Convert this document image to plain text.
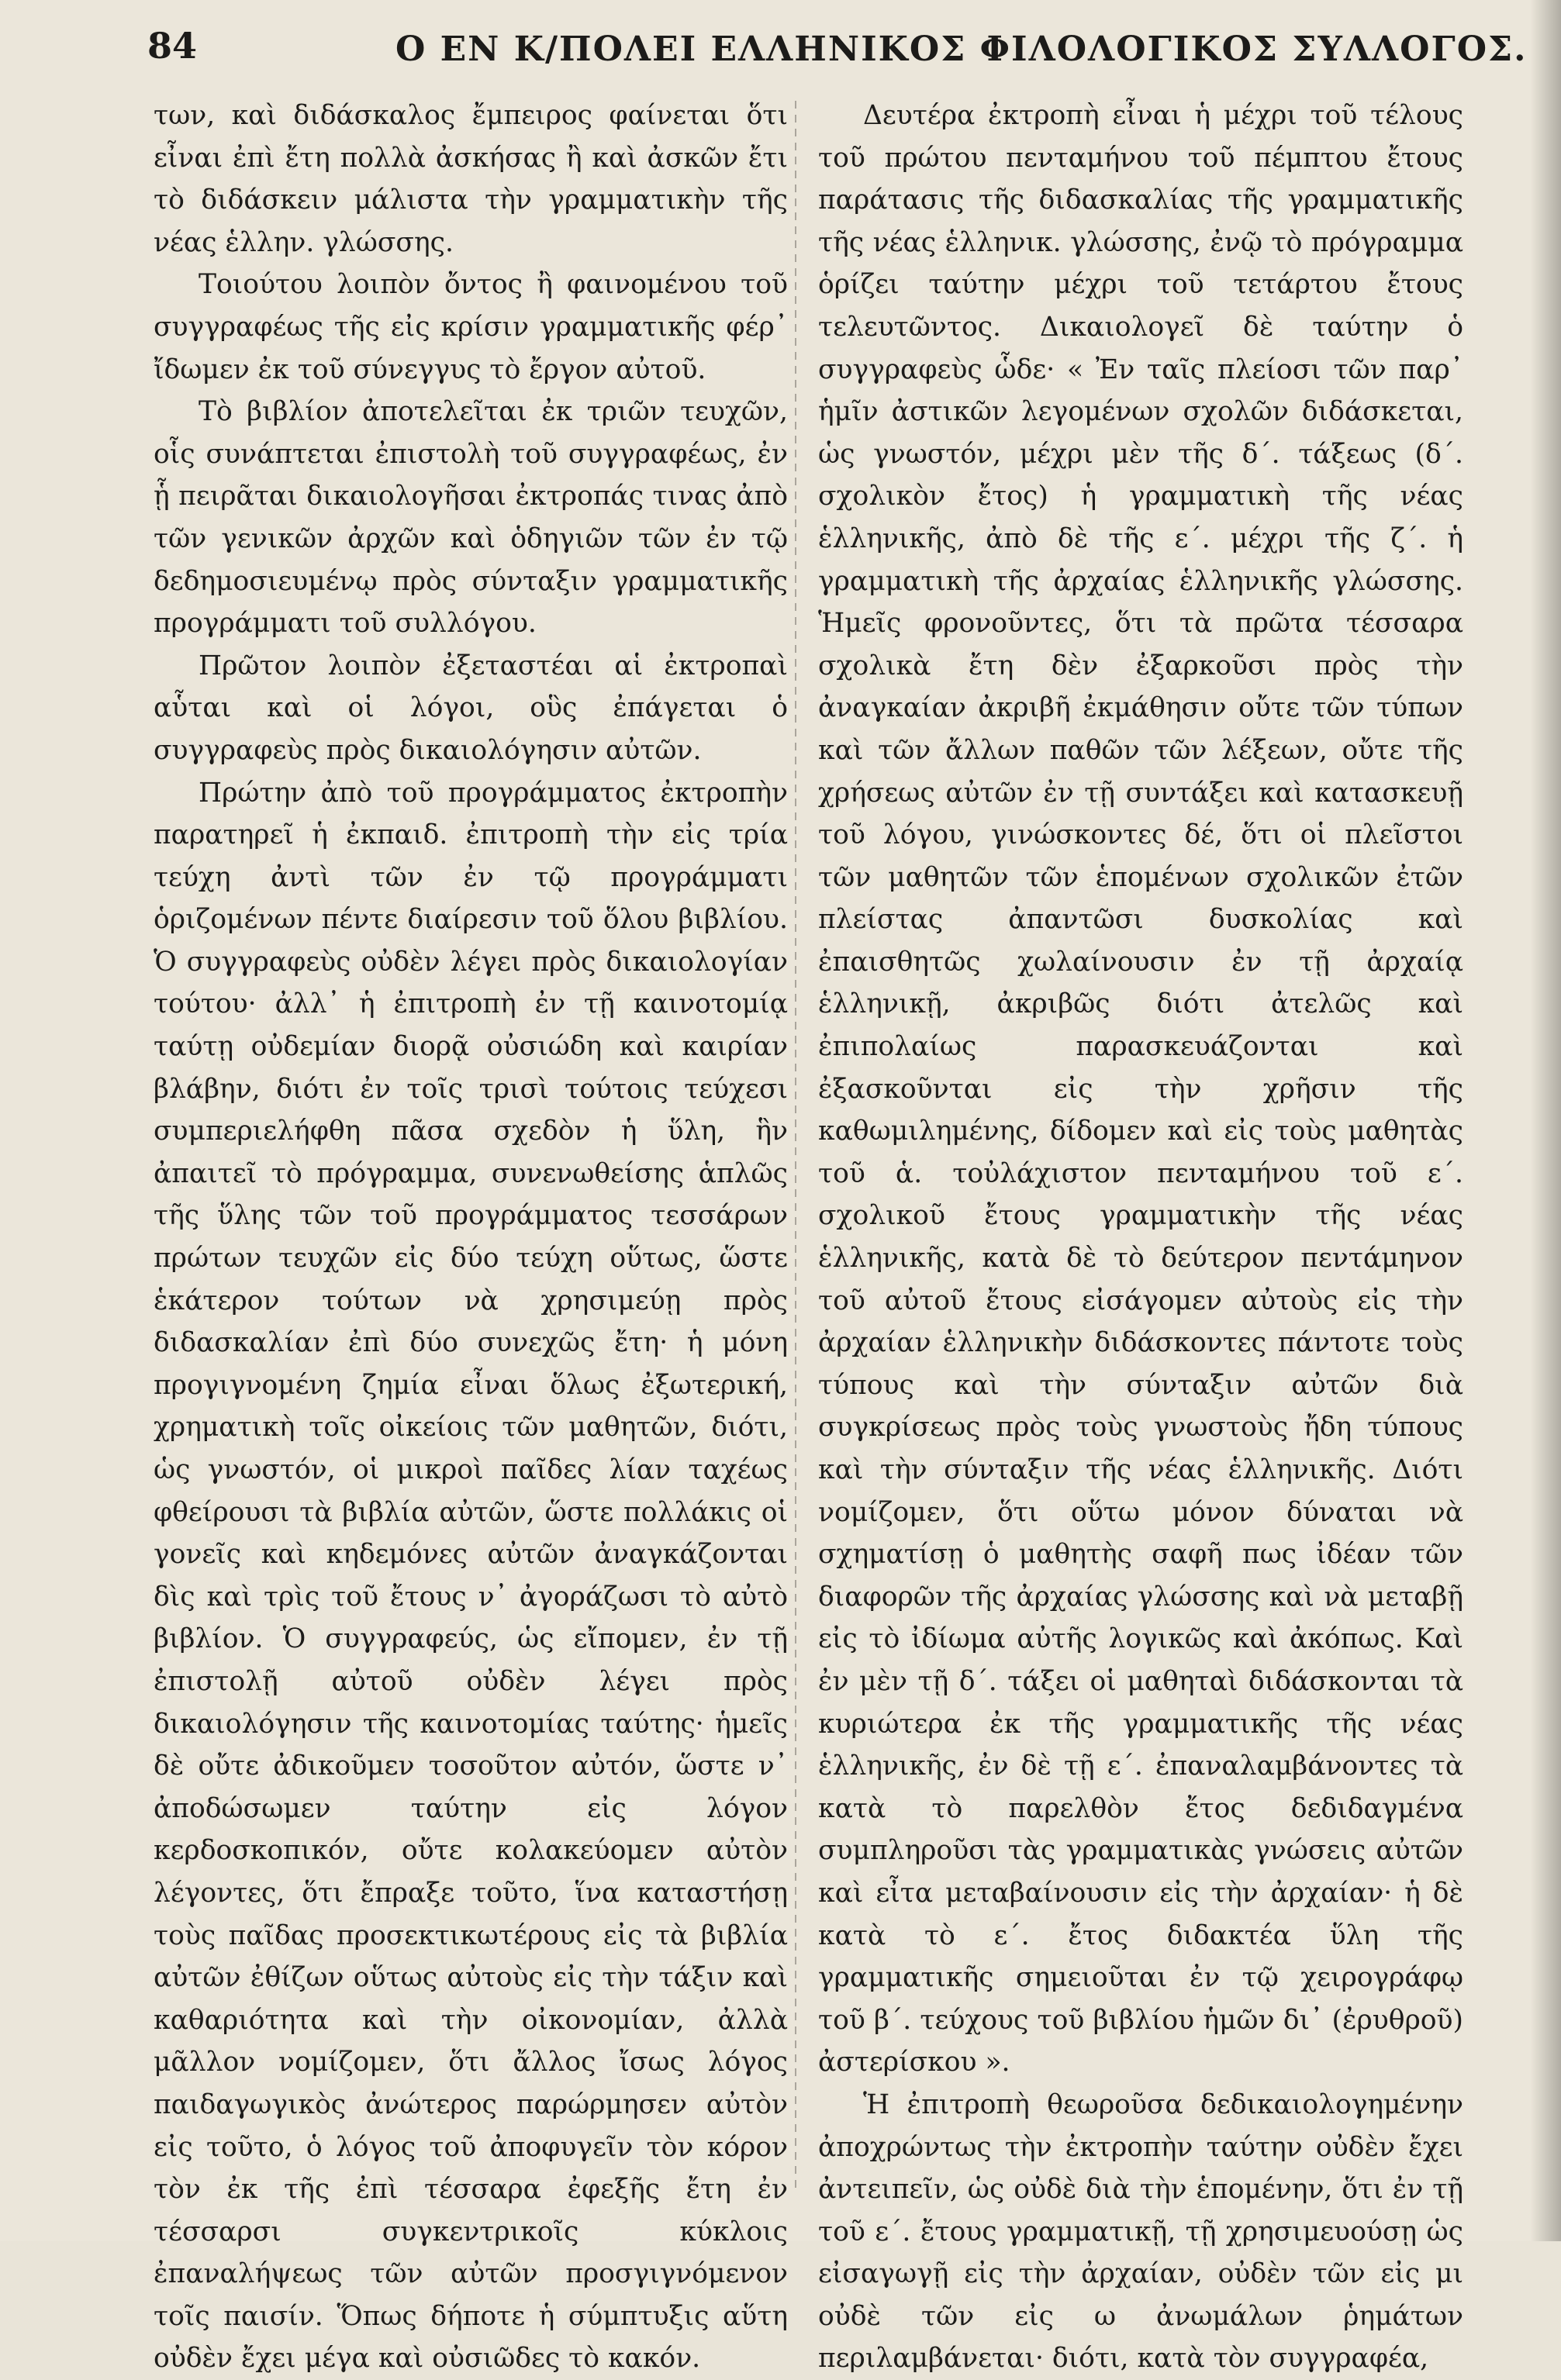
84	Ο ΕΝ Κ/ΠΟΛΕΙ ΕΛΛΗΝΙΚΟΣ ΦΙΛΟΛΟΓΙΚΟΣ ΣΥΛΛΟΓΟΣ.

των, καὶ διδάσκαλος ἔμπειρος φαίνεται ὅτι εἶναι ἐπὶ ἔτη πολλὰ ἀσκήσας ἢ καὶ ἀσκῶν ἔτι τὸ διδάσκειν μάλιστα τὴν γραμματικὴν τῆς νέας ἑλλην. γλώσσης.

Τοιούτου λοιπὸν ὄντος ἢ φαινομένου τοῦ συγγραφέως τῆς εἰς κρίσιν γραμματικῆς φέρ᾽ ἴδωμεν ἐκ τοῦ σύνεγγυς τὸ ἔργον αὐτοῦ.

Τὸ βιβλίον ἀποτελεῖται ἐκ τριῶν τευχῶν, οἷς συνάπτεται ἐπιστολὴ τοῦ συγγραφέως, ἐν ᾗ πειρᾶται δικαιολογῆσαι ἐκτροπάς τινας ἀπὸ τῶν γενικῶν ἀρχῶν καὶ ὁδηγιῶν τῶν ἐν τῷ δεδημοσιευμένῳ πρὸς σύνταξιν γραμματικῆς προγράμματι τοῦ συλλόγου.

Πρῶτον λοιπὸν ἐξεταστέαι αἱ ἐκτροπαὶ αὗται καὶ οἱ λόγοι, οὓς ἐπάγεται ὁ συγγραφεὺς πρὸς δικαιολόγησιν αὐτῶν.

Πρώτην ἀπὸ τοῦ προγράμματος ἐκτροπὴν παρατηρεῖ ἡ ἐκπαιδ. ἐπιτροπὴ τὴν εἰς τρία τεύχη ἀντὶ τῶν ἐν τῷ προγράμματι ὁριζομένων πέντε διαίρεσιν τοῦ ὅλου βιβλίου. Ὁ συγγραφεὺς οὐδὲν λέγει πρὸς δικαιολογίαν τούτου· ἀλλ᾽ ἡ ἐπιτροπὴ ἐν τῇ καινοτομίᾳ ταύτῃ οὐδεμίαν διορᾷ οὐσιώδη καὶ καιρίαν βλάβην, διότι ἐν τοῖς τρισὶ τούτοις τεύχεσι συμπεριελήφθη πᾶσα σχεδὸν ἡ ὕλη, ἣν ἀπαιτεῖ τὸ πρόγραμμα, συνενωθείσης ἁπλῶς τῆς ὕλης τῶν τοῦ προγράμματος τεσσάρων πρώτων τευχῶν εἰς δύο τεύχη οὕτως, ὥστε ἑκάτερον τούτων νὰ χρησιμεύῃ πρὸς διδασκαλίαν ἐπὶ δύο συνεχῶς ἔτη· ἡ μόνη προγιγνομένη ζημία εἶναι ὅλως ἐξωτερική, χρηματικὴ τοῖς οἰκείοις τῶν μαθητῶν, διότι, ὡς γνωστόν, οἱ μικροὶ παῖδες λίαν ταχέως φθείρουσι τὰ βιβλία αὐτῶν, ὥστε πολλάκις οἱ γονεῖς καὶ κηδεμόνες αὐτῶν ἀναγκάζονται δὶς καὶ τρὶς τοῦ ἔτους ν᾽ ἀγοράζωσι τὸ αὐτὸ βιβλίον. Ὁ συγγραφεύς, ὡς εἴπομεν, ἐν τῇ ἐπιστολῇ αὐτοῦ οὐδὲν λέγει πρὸς δικαιολόγησιν τῆς καινοτομίας ταύτης· ἡμεῖς δὲ οὔτε ἀδικοῦμεν τοσοῦτον αὐτόν, ὥστε ν᾽ ἀποδώσωμεν ταύτην εἰς λόγον κερδοσκοπικόν, οὔτε κολακεύομεν αὐτὸν λέγοντες, ὅτι ἔπραξε τοῦτο, ἵνα καταστήσῃ τοὺς παῖδας προσεκτικωτέρους εἰς τὰ βιβλία αὐτῶν ἐθίζων οὕτως αὐτοὺς εἰς τὴν τάξιν καὶ καθαριότητα καὶ τὴν οἰκονομίαν, ἀλλὰ μᾶλλον νομίζομεν, ὅτι ἄλλος ἴσως λόγος παιδαγωγικὸς ἀνώτερος παρώρμησεν αὐτὸν εἰς τοῦτο, ὁ λόγος τοῦ ἀποφυγεῖν τὸν κόρον τὸν ἐκ τῆς ἐπὶ τέσσαρα ἐφεξῆς ἔτη ἐν τέσσαρσι συγκεντρικοῖς κύκλοις ἐπαναλήψεως τῶν αὐτῶν προσγιγνόμενον τοῖς παισίν. Ὅπως δήποτε ἡ σύμπτυξις αὕτη οὐδὲν ἔχει μέγα καὶ οὐσιῶδες τὸ κακόν.

Δευτέρα ἐκτροπὴ εἶναι ἡ μέχρι τοῦ τέλους τοῦ πρώτου πενταμήνου τοῦ πέμπτου ἔτους παράτασις τῆς διδασκαλίας τῆς γραμματικῆς τῆς νέας ἑλληνικ. γλώσσης, ἐνῷ τὸ πρόγραμμα ὁρίζει ταύτην μέχρι τοῦ τετάρτου ἔτους τελευτῶντος. Δικαιολογεῖ δὲ ταύτην ὁ συγγραφεὺς ὧδε· « Ἐν ταῖς πλείοσι τῶν παρ᾽ ἡμῖν ἀστικῶν λεγομένων σχολῶν διδάσκεται, ὡς γνωστόν, μέχρι μὲν τῆς δ΄. τάξεως (δ΄. σχολικὸν ἔτος) ἡ γραμματικὴ τῆς νέας ἑλληνικῆς, ἀπὸ δὲ τῆς ε΄. μέχρι τῆς ζ΄. ἡ γραμματικὴ τῆς ἀρχαίας ἑλληνικῆς γλώσσης. Ἡμεῖς φρονοῦντες, ὅτι τὰ πρῶτα τέσσαρα σχολικὰ ἔτη δὲν ἐξαρκοῦσι πρὸς τὴν ἀναγκαίαν ἀκριβῆ ἐκμάθησιν οὔτε τῶν τύπων καὶ τῶν ἄλλων παθῶν τῶν λέξεων, οὔτε τῆς χρήσεως αὐτῶν ἐν τῇ συντάξει καὶ κατασκευῇ τοῦ λόγου, γινώσκοντες δέ, ὅτι οἱ πλεῖστοι τῶν μαθητῶν τῶν ἑπομένων σχολικῶν ἐτῶν πλείστας ἀπαντῶσι δυσκολίας καὶ ἐπαισθητῶς χωλαίνουσιν ἐν τῇ ἀρχαίᾳ ἑλληνικῇ, ἀκριβῶς διότι ἀτελῶς καὶ ἐπιπολαίως παρασκευάζονται καὶ ἐξασκοῦνται εἰς τὴν χρῆσιν τῆς καθωμιλημένης, δίδομεν καὶ εἰς τοὺς μαθητὰς τοῦ ἁ. τοὐλάχιστον πενταμήνου τοῦ ε΄. σχολικοῦ ἔτους γραμματικὴν τῆς νέας ἑλληνικῆς, κατὰ δὲ τὸ δεύτερον πεντάμηνον τοῦ αὐτοῦ ἔτους εἰσάγομεν αὐτοὺς εἰς τὴν ἀρχαίαν ἑλληνικὴν διδάσκοντες πάντοτε τοὺς τύπους καὶ τὴν σύνταξιν αὐτῶν διὰ συγκρίσεως πρὸς τοὺς γνωστοὺς ἤδη τύπους καὶ τὴν σύνταξιν τῆς νέας ἑλληνικῆς. Διότι νομίζομεν, ὅτι οὕτω μόνον δύναται νὰ σχηματίσῃ ὁ μαθητὴς σαφῆ πως ἰδέαν τῶν διαφορῶν τῆς ἀρχαίας γλώσσης καὶ νὰ μεταβῇ εἰς τὸ ἰδίωμα αὐτῆς λογικῶς καὶ ἀκόπως. Καὶ ἐν μὲν τῇ δ΄. τάξει οἱ μαθηταὶ διδάσκονται τὰ κυριώτερα ἐκ τῆς γραμματικῆς τῆς νέας ἑλληνικῆς, ἐν δὲ τῇ ε΄. ἐπαναλαμβάνοντες τὰ κατὰ τὸ παρελθὸν ἔτος δεδιδαγμένα συμπληροῦσι τὰς γραμματικὰς γνώσεις αὐτῶν καὶ εἶτα μεταβαίνουσιν εἰς τὴν ἀρχαίαν· ἡ δὲ κατὰ τὸ ε΄. ἔτος διδακτέα ὕλη τῆς γραμματικῆς σημειοῦται ἐν τῷ χειρογράφῳ τοῦ β΄. τεύχους τοῦ βιβλίου ἡμῶν δι᾽ (ἐρυθροῦ) ἀστερίσκου ».

Ἡ ἐπιτροπὴ θεωροῦσα δεδικαιολογημένην ἀποχρώντως τὴν ἐκτροπὴν ταύτην οὐδὲν ἔχει ἀντειπεῖν, ὡς οὐδὲ διὰ τὴν ἑπομένην, ὅτι ἐν τῇ τοῦ ε΄. ἔτους γραμματικῇ, τῇ χρησιμευούσῃ ὡς εἰσαγωγῇ εἰς τὴν ἀρχαίαν, οὐδὲν τῶν εἰς μι οὐδὲ τῶν εἰς ω ἀνωμάλων ῥημάτων περιλαμβάνεται· διότι, κατὰ τὸν συγγραφέα,
